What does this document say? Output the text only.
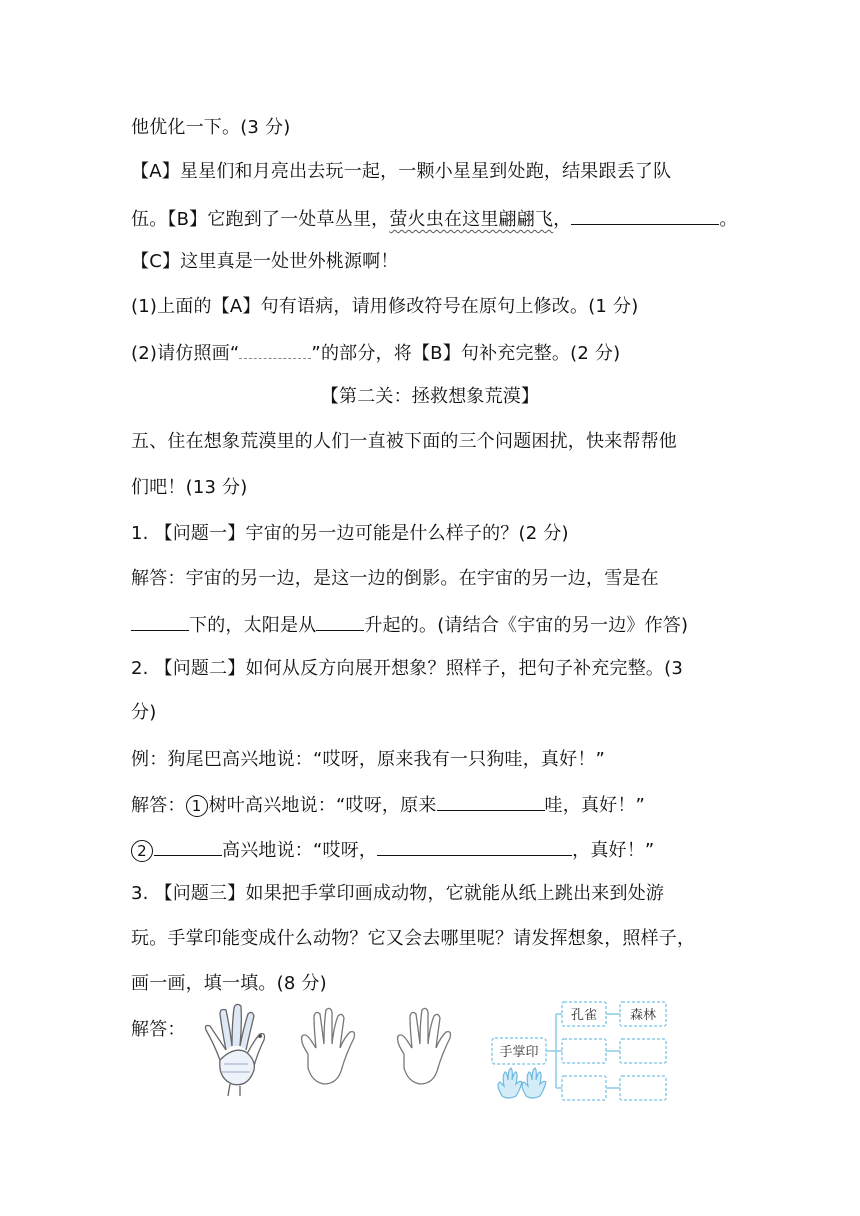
他优化一下。(3 分)
【A】星星们和月亮出去玩一起，一颗小星星到处跑，结果跟丢了队
伍。【B】它跑到了一处草丛里，萤火虫在这里翩翩飞，	。
【C】这里真是一处世外桃源啊！
(1)上面的【A】句有语病，请用修改符号在原句上修改。(1 分)
(2)请仿照画“	”的部分，将【B】句补充完整。(2 分)
【第二关：拯救想象荒漠】
五、住在想象荒漠里的人们一直被下面的三个问题困扰，快来帮帮他
们吧！(13 分)
1. 【问题一】宇宙的另一边可能是什么样子的？(2 分)
解答：宇宙的另一边，是这一边的倒影。在宇宙的另一边，雪是在
下的，太阳是从	升起的。(请结合《宇宙的另一边》作答)
2. 【问题二】如何从反方向展开想象？照样子，把句子补充完整。(3
分)
例：狗尾巴高兴地说：“哎呀，原来我有一只狗哇，真好！”
解答： 1 树叶高兴地说：“哎呀，原来	哇，真好！”
2	高兴地说：“哎呀，	，真好！”
3. 【问题三】如果把手掌印画成动物，它就能从纸上跳出来到处游
玩。手掌印能变成什么动物？它又会去哪里呢？请发挥想象，照样子，
画一画，填一填。(8 分)
解答：
手掌印
孔雀	森林
